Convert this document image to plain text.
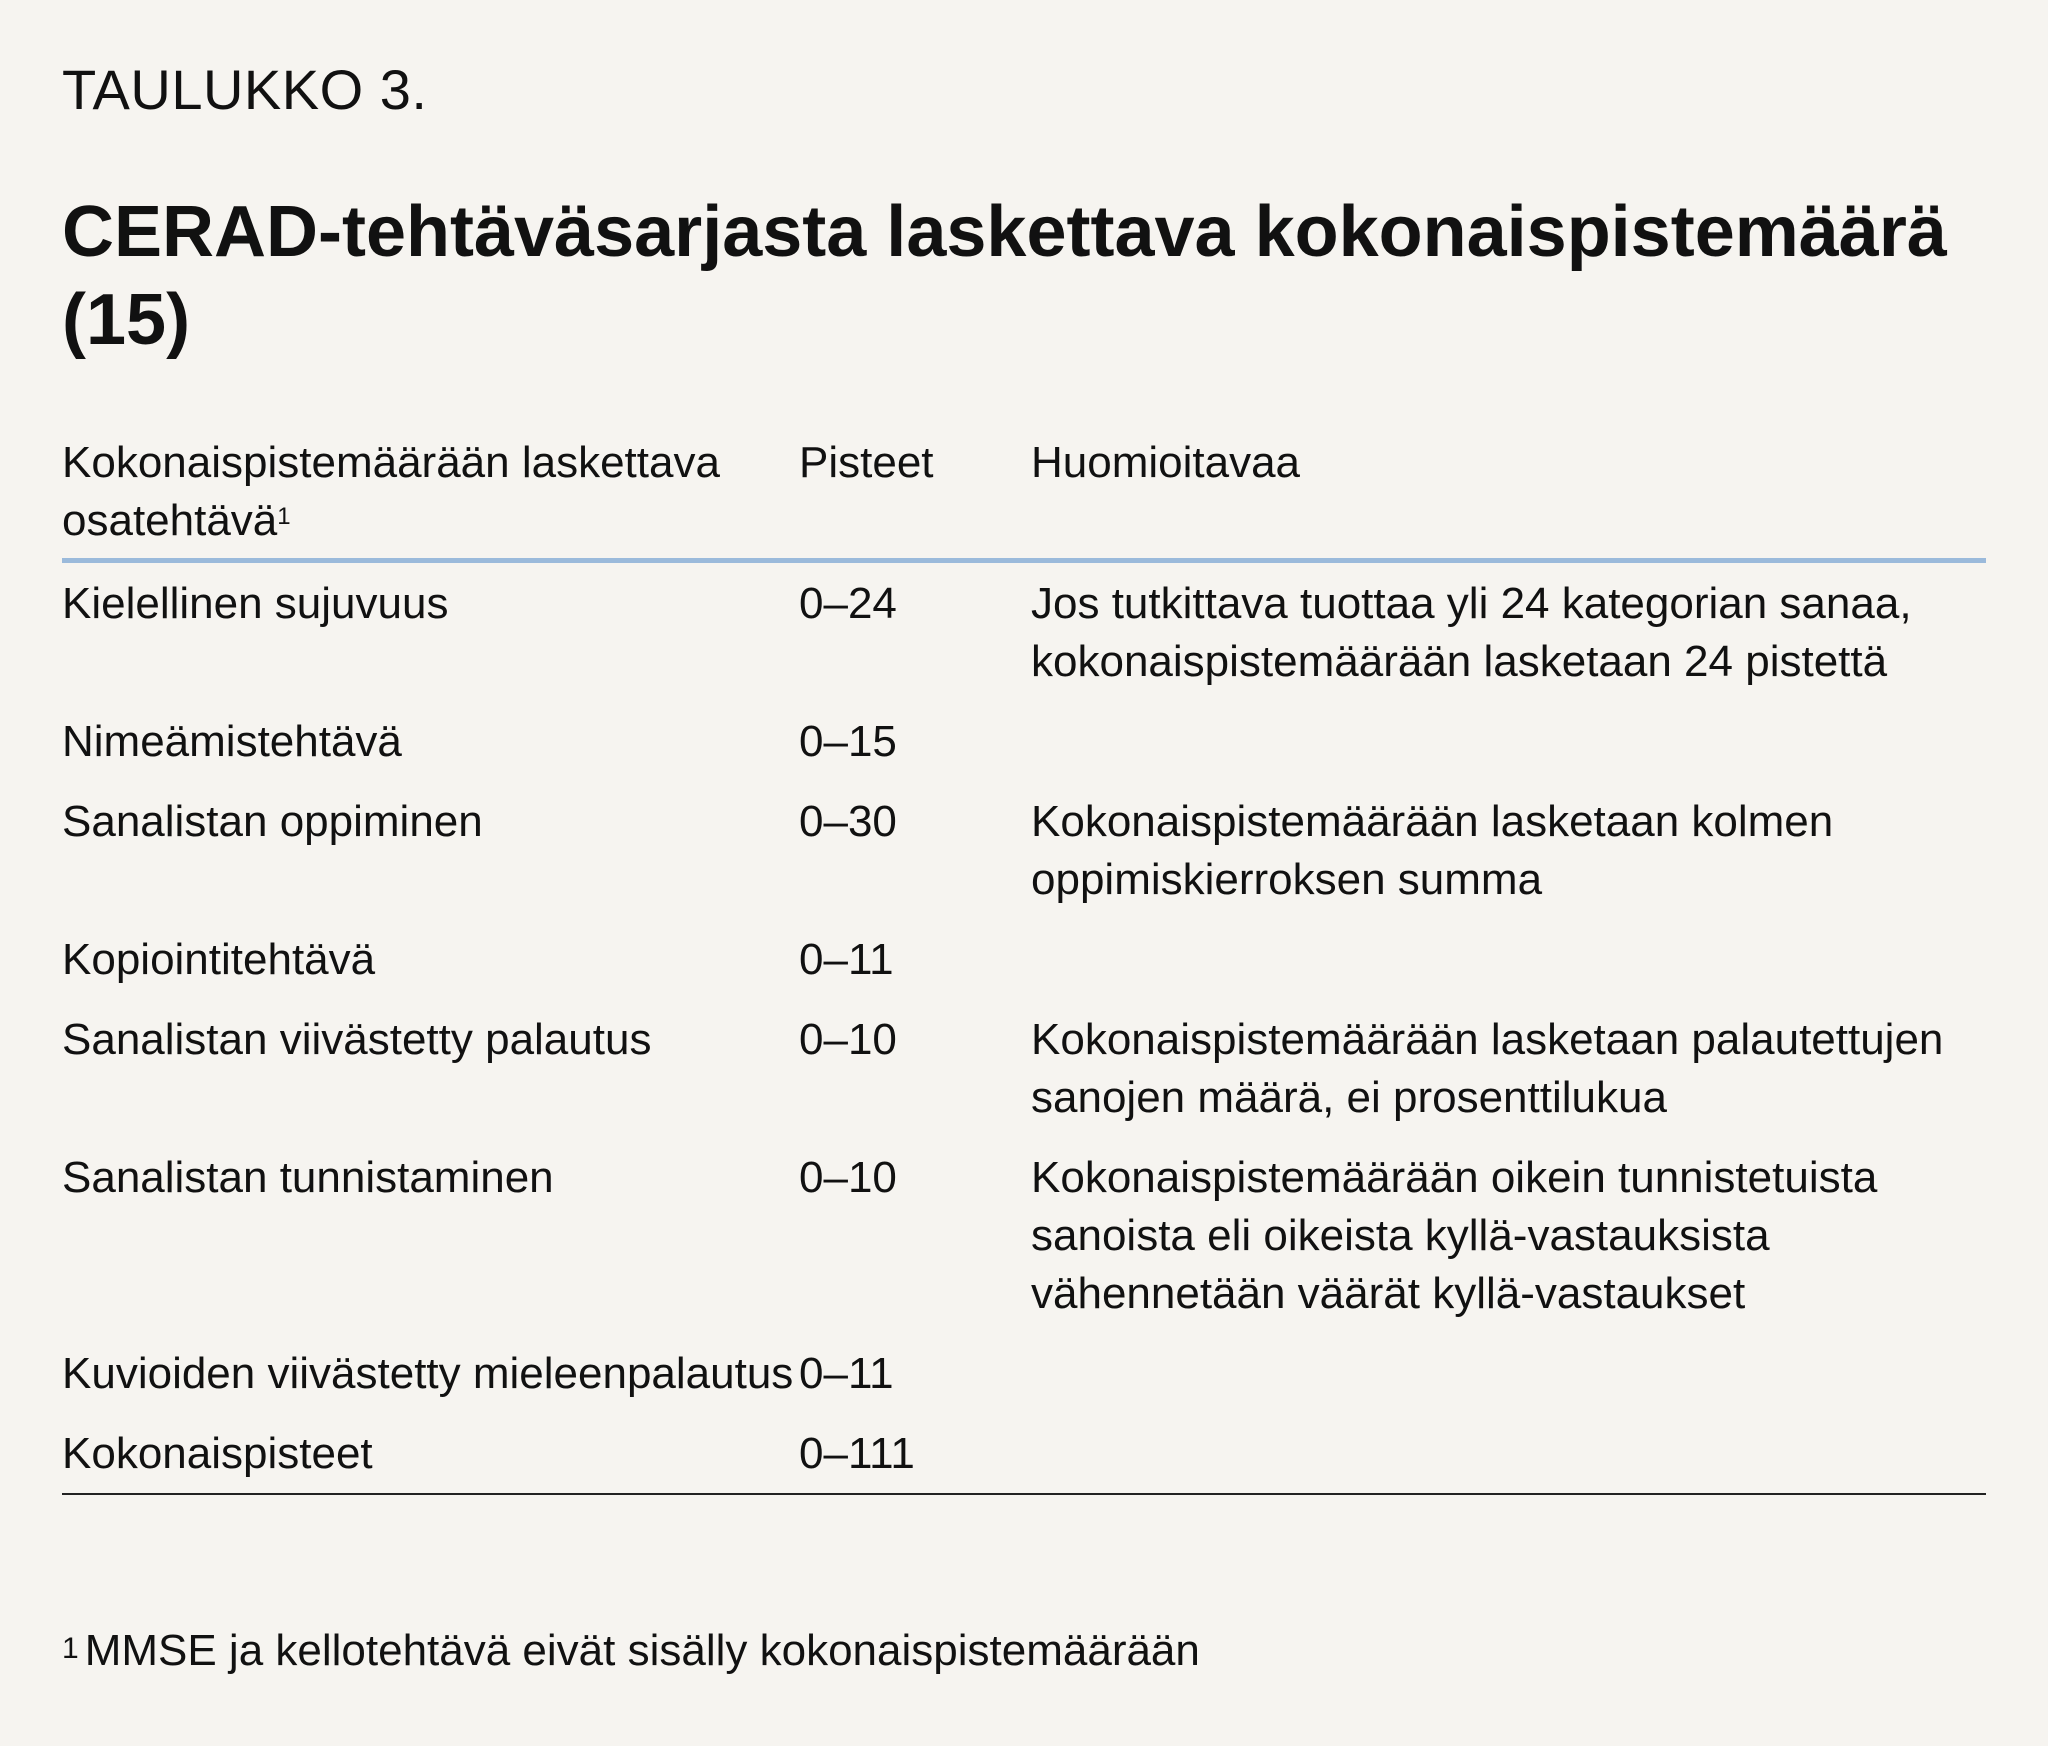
TAULUKKO 3.
CERAD-tehtäväsarjasta laskettava kokonaispistemäärä (15)
Kokonaispistemäärään laskettava osatehtävä$^1$	Pisteet	Huomioitavaa
Kielellinen sujuvuus	0–24	Jos tutkittava tuottaa yli 24 kategorian sanaa, kokonaispistemäärään lasketaan 24 pistettä
Nimeämistehtävä	0–15	
Sanalistan oppiminen	0–30	Kokonaispistemäärään lasketaan kolmen oppimiskierroksen summa
Kopiointitehtävä	0–11	
Sanalistan viivästetty palautus	0–10	Kokonaispistemäärään lasketaan palautettujen sanojen määrä, ei prosenttilukua
Sanalistan tunnistaminen	0–10	Kokonaispistemäärään oikein tunnistetuista sanoista eli oikeista kyllä-vastauksista vähennetään väärät kyllä-vastaukset
Kuvioiden viivästetty mieleenpalautus	0–11	
Kokonaispisteet	0–111	
$^1$ MMSE ja kellotehtävä eivät sisälly kokonaispistemäärään
